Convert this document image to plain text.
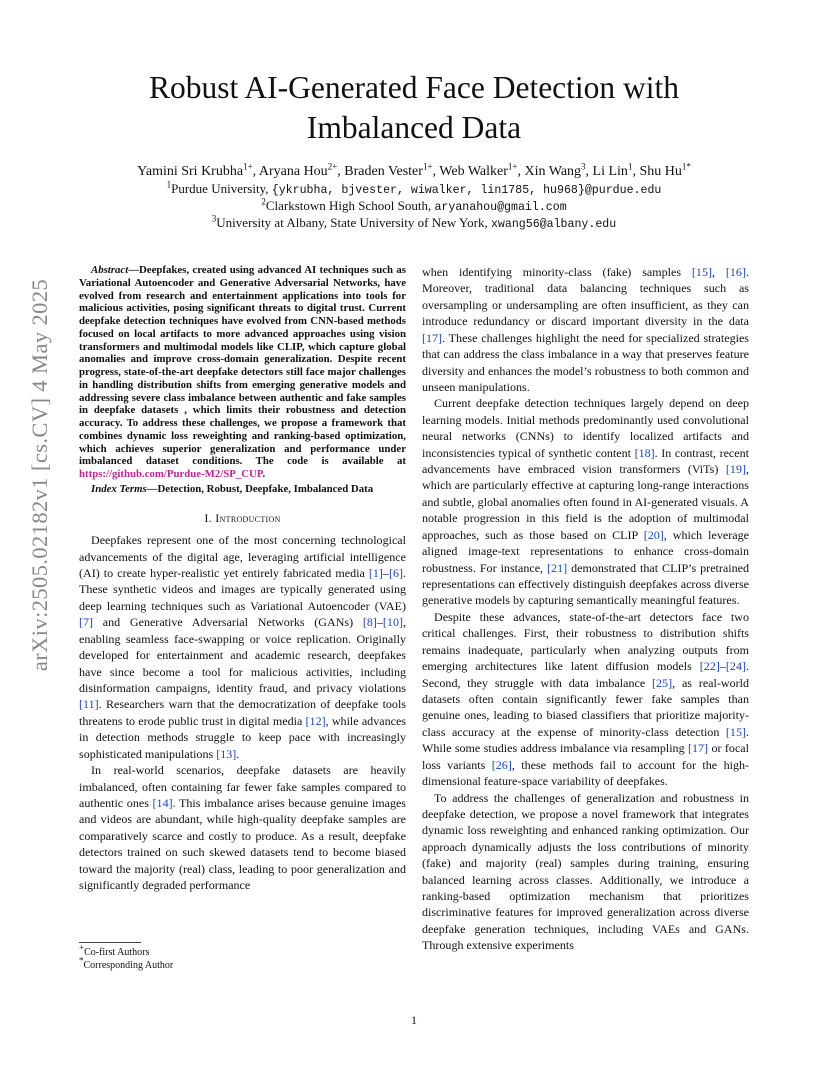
arXiv:2505.02182v1 [cs.CV] 4 May 2025
Robust AI-Generated Face Detection with
Imbalanced Data
Yamini Sri Krubha$^{1+}$, Aryana Hou$^{2+}$, Braden Vester$^{1+}$, Web Walker$^{1+}$, Xin Wang$^3$, Li Lin$^1$, Shu $Hu^{1*}$
$^1$Purdue University, {ykrubha, bjvester, wiwalker, lin1785, hu968}@purdue.edu
$^2$Clarkstown High School South, aryanahou@gmail.com
$^3$University at Albany, State University of New York, xwang56@albany.edu

Abstract—Deepfakes, created using advanced AI techniques such as Variational Autoencoder and Generative Adversarial Networks, have evolved from research and entertainment applications into tools for malicious activities, posing significant threats to digital trust. Current deepfake detection techniques have evolved from CNN-based methods focused on local artifacts to more advanced approaches using vision transformers and multimodal models like CLIP, which capture global anomalies and improve cross-domain generalization. Despite recent progress, state-of-the-art deepfake detectors still face major challenges in handling distribution shifts from emerging generative models and addressing severe class imbalance between authentic and fake samples in deepfake datasets , which limits their robustness and detection accuracy. To address these challenges, we propose a framework that combines dynamic loss reweighting and ranking-based optimization, which achieves superior generalization and performance under imbalanced dataset conditions. The code is available at https://github.com/Purdue-M2/SP_CUP.

Index Terms—Detection, Robust, Deepfake, Imbalanced Data

I. Introduction

Deepfakes represent one of the most concerning technological advancements of the digital age, leveraging artificial intelligence (AI) to create hyper-realistic yet entirely fabricated media [1]–[6]. These synthetic videos and images are typically generated using deep learning techniques such as Variational Autoencoder (VAE) [7] and Generative Adversarial Networks (GANs) [8]–[10], enabling seamless face-swapping or voice replication. Originally developed for entertainment and academic research, deepfakes have since become a tool for malicious activities, including disinformation campaigns, identity fraud, and privacy violations [11]. Researchers warn that the democratization of deepfake tools threatens to erode public trust in digital media [12], while advances in detection methods struggle to keep pace with increasingly sophisticated manipulations [13].

In real-world scenarios, deepfake datasets are heavily imbalanced, often containing far fewer fake samples compared to authentic ones [14]. This imbalance arises because genuine images and videos are abundant, while high-quality deepfake samples are comparatively scarce and costly to produce. As a result, deepfake detectors trained on such skewed datasets tend to become biased toward the majority (real) class, leading to poor generalization and significantly degraded performance

when identifying minority-class (fake) samples [15], [16]. Moreover, traditional data balancing techniques such as oversampling or undersampling are often insufficient, as they can introduce redundancy or discard important diversity in the data [17]. These challenges highlight the need for specialized strategies that can address the class imbalance in a way that preserves feature diversity and enhances the model’s robustness to both common and unseen manipulations.

Current deepfake detection techniques largely depend on deep learning models. Initial methods predominantly used convolutional neural networks (CNNs) to identify localized artifacts and inconsistencies typical of synthetic content [18]. In contrast, recent advancements have embraced vision transformers (ViTs) [19], which are particularly effective at capturing long-range interactions and subtle, global anomalies often found in AI-generated visuals. A notable progression in this field is the adoption of multimodal approaches, such as those based on CLIP [20], which leverage aligned image-text representations to enhance cross-domain robustness. For instance, [21] demonstrated that CLIP’s pretrained representations can effectively distinguish deepfakes across diverse generative models by capturing semantically meaningful features.

Despite these advances, state-of-the-art detectors face two critical challenges. First, their robustness to distribution shifts remains inadequate, particularly when analyzing outputs from emerging architectures like latent diffusion models [22]–[24]. Second, they struggle with data imbalance [25], as real-world datasets often contain significantly fewer fake samples than genuine ones, leading to biased classifiers that prioritize majority-class accuracy at the expense of minority-class detection [15]. While some studies address imbalance via resampling [17] or focal loss variants [26], these methods fail to account for the high-dimensional feature-space variability of deepfakes.

To address the challenges of generalization and robustness in deepfake detection, we propose a novel framework that integrates dynamic loss reweighting and enhanced ranking optimization. Our approach dynamically adjusts the loss contributions of minority (fake) and majority (real) samples during training, ensuring balanced learning across classes. Additionally, we introduce a ranking-based optimization mechanism that prioritizes discriminative features for improved generalization across diverse deepfake generation techniques, including VAEs and GANs. Through extensive experiments

+Co-first Authors
*Corresponding Author
1
